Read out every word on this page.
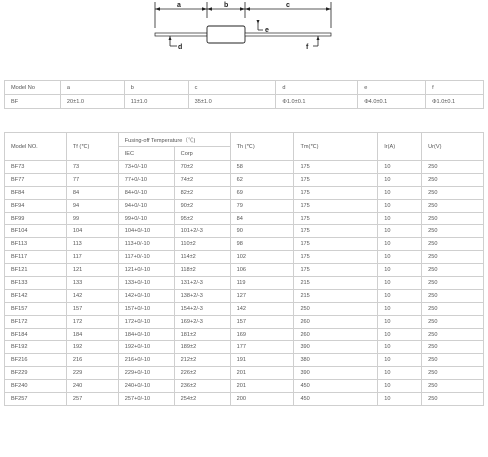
a	b	c
d
e
f
Model No	a	b	c	d	e	f
BF	20±1.0	11±1.0	35±1.0	Φ1.0±0.1	Φ4.0±0.1	Φ1.0±0.1
Model NO.	Tf (℃)	Fusing-off Temperature（℃)		Th (℃)	Tm(℃)	Ir(A)	Ur(V)
		IEC	Corp				
BF73	73	73+0/-10	70±2	58	175	10	250
BF77	77	77+0/-10	74±2	62	175	10	250
BF84	84	84+0/-10	82±2	69	175	10	250
BF94	94	94+0/-10	90±2	79	175	10	250
BF99	99	99+0/-10	95±2	84	175	10	250
BF104	104	104+0/-10	101+2/-3	90	175	10	250
BF113	113	113+0/-10	110±2	98	175	10	250
BF117	117	117+0/-10	114±2	102	175	10	250
BF121	121	121+0/-10	118±2	106	175	10	250
BF133	133	133+0/-10	131+2/-3	119	215	10	250
BF142	142	142+0/-10	138+2/-3	127	215	10	250
BF157	157	157+0/-10	154+2/-3	142	250	10	250
BF172	172	172+0/-10	169+2/-3	157	260	10	250
BF184	184	184+0/-10	181±2	169	260	10	250
BF192	192	192+0/-10	189±2	177	390	10	250
BF216	216	216+0/-10	212±2	191	380	10	250
BF229	229	229+0/-10	226±2	201	390	10	250
BF240	240	240+0/-10	236±2	201	450	10	250
BF257	257	257+0/-10	254±2	200	450	10	250
